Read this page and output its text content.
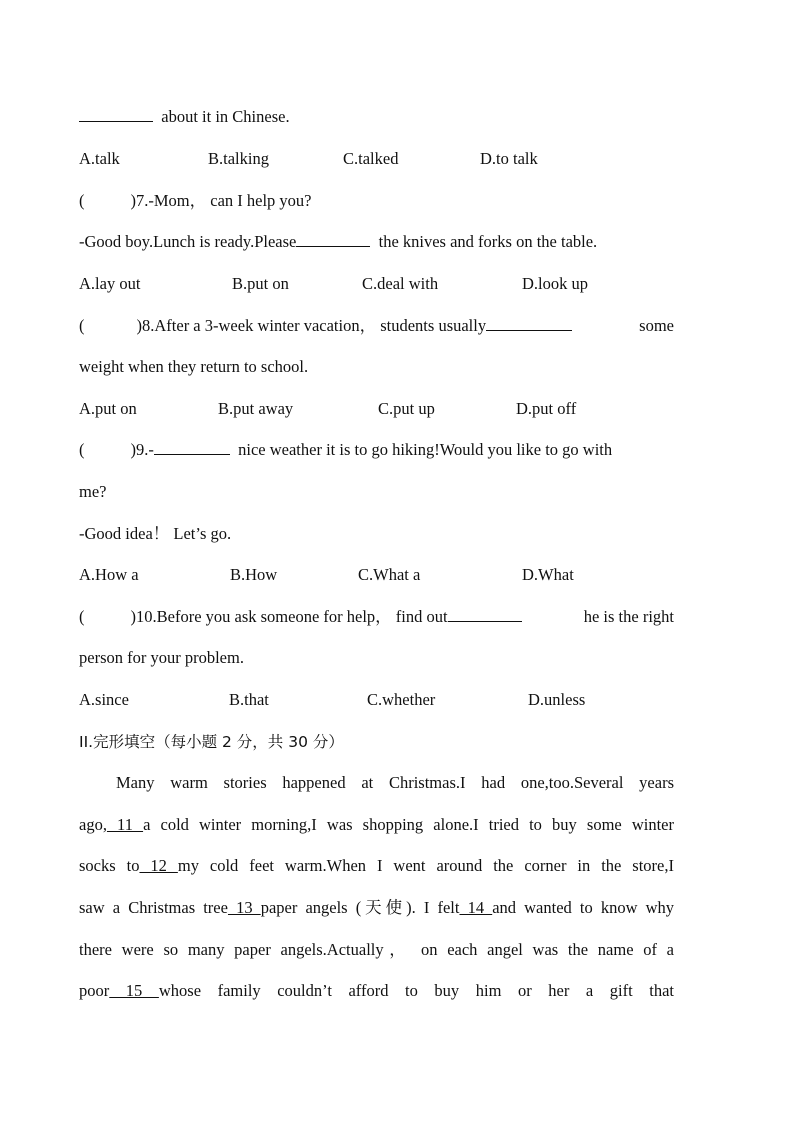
about it in Chinese.
A.talk	B.talking	C.talked	D.to talk
(	)7.-Mom， can I help you?
-Good boy.Lunch is ready.Please	the knives and forks on the table.
A.lay out	B.put on	C.deal with	D.look up
(	)8.After a 3-week winter vacation， students usually	some
weight when they return to school.
A.put on	B.put away	C.put up	D.put off
(	)9.-	nice weather it is to go hiking!Would you like to go with
me?
-Good idea！ Let’s go.
A.How a	B.How	C.What a	D.What
(	)10.Before you ask someone for help， find out	he is the right
person for your problem.
A.since	B.that	C.whether	D.unless
II.完形填空（每小题 2 分，共 30 分）
Many warm stories happened at Christmas.I had one,too.Several years
ago, 11 a cold winter morning,I was shopping alone.I tried to buy some winter
socks to 12 my cold feet warm.When I went around the corner in the store,I
saw a Christmas tree 13 paper angels (天使). I felt 14 and wanted to know why
there were so many paper angels.Actually， on each angel was the name of a
poor 15 whose family couldn’t afford to buy him or her a gift that
